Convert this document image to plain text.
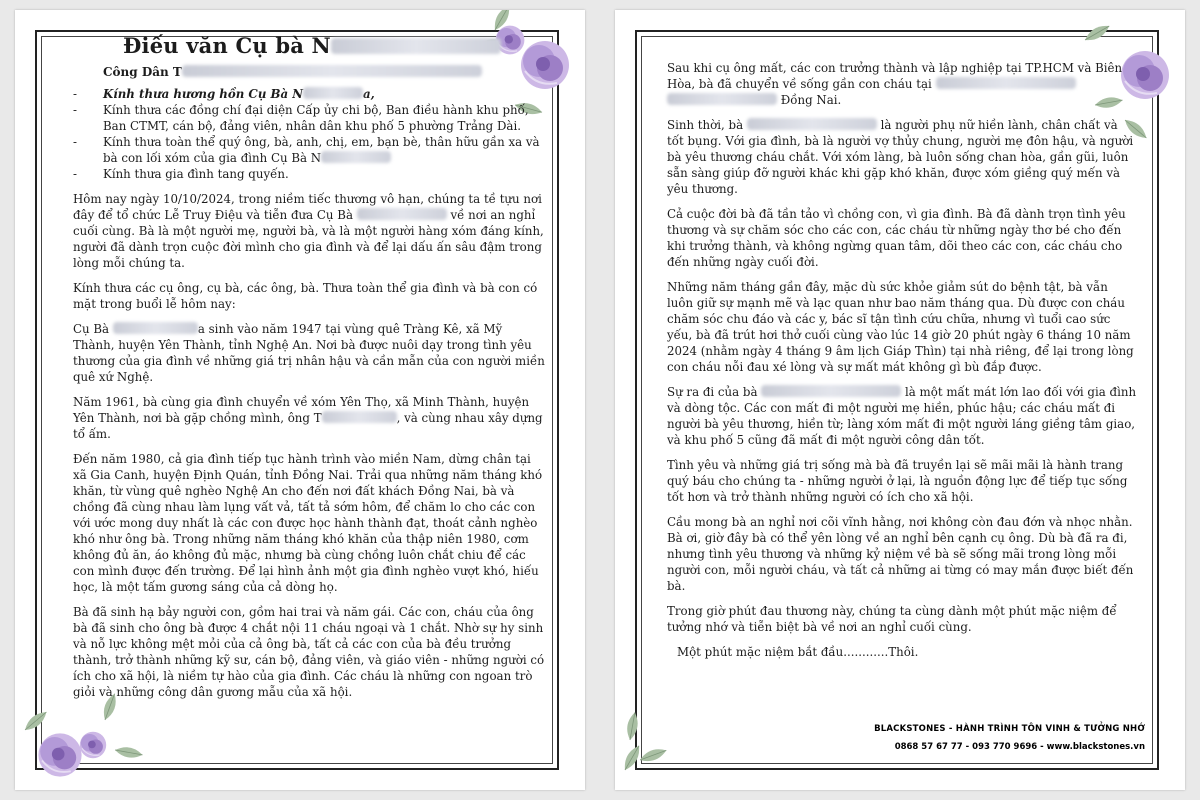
Điếu văn Cụ bà N
Công Dân T
-	Kính thưa hương hồn Cụ Bà N	a,
-	Kính thưa các đồng chí đại diện Cấp ủy chi bộ, Ban điều hành khu phố, Ban CTMT, cán bộ, đảng viên, nhân dân khu phố 5 phường Trảng Dài.
-	Kính thưa toàn thể quý ông, bà, anh, chị, em, bạn bè, thân hữu gần xa và bà con lối xóm của gia đình Cụ Bà N
-	Kính thưa gia đình tang quyến.

Hôm nay ngày 10/10/2024, trong niềm tiếc thương vô hạn, chúng ta tề tựu nơi đây để tổ chức Lễ Truy Điệu và tiễn đưa Cụ Bà	về nơi an nghỉ cuối cùng. Bà là một người mẹ, người bà, và là một người hàng xóm đáng kính, người đã dành trọn cuộc đời mình cho gia đình và để lại dấu ấn sâu đậm trong lòng mỗi chúng ta.

Kính thưa các cụ ông, cụ bà, các ông, bà. Thưa toàn thể gia đình và bà con có mặt trong buổi lễ hôm nay:

Cụ Bà	a sinh vào năm 1947 tại vùng quê Tràng Kê, xã Mỹ Thành, huyện Yên Thành, tỉnh Nghệ An. Nơi bà được nuôi dạy trong tình yêu thương của gia đình về những giá trị nhân hậu và cần mẫn của con người miền quê xứ Nghệ.

Năm 1961, bà cùng gia đình chuyển về xóm Yên Thọ, xã Minh Thành, huyện Yên Thành, nơi bà gặp chồng mình, ông T	, và cùng nhau xây dựng tổ ấm.

Đến năm 1980, cả gia đình tiếp tục hành trình vào miền Nam, dừng chân tại xã Gia Canh, huyện Định Quán, tỉnh Đồng Nai. Trải qua những năm tháng khó khăn, từ vùng quê nghèo Nghệ An cho đến nơi đất khách Đồng Nai, bà và chồng đã cùng nhau làm lụng vất vả, tất tả sớm hôm, để chăm lo cho các con với ước mong duy nhất là các con được học hành thành đạt, thoát cảnh nghèo khó như ông bà. Trong những năm tháng khó khăn của thập niên 1980, cơm không đủ ăn, áo không đủ mặc, nhưng bà cùng chồng luôn chắt chiu để các con mình được đến trường. Để lại hình ảnh một gia đình nghèo vượt khó, hiếu học, là một tấm gương sáng của cả dòng họ.

Bà đã sinh hạ bảy người con, gồm hai trai và năm gái. Các con, cháu của ông bà đã sinh cho ông bà được 4 chắt nội 11 cháu ngoại và 1 chắt. Nhờ sự hy sinh và nỗ lực không mệt mỏi của cả ông bà, tất cả các con của bà đều trưởng thành, trở thành những kỹ sư, cán bộ, đảng viên, và giáo viên - những người có ích cho xã hội, là niềm tự hào của gia đình. Các cháu là những con ngoan trò giỏi và những công dân gương mẫu của xã hội.

Sau khi cụ ông mất, các con trưởng thành và lập nghiệp tại TP.HCM và Biên Hòa, bà đã chuyển về sống gần con cháu tại   Đồng Nai.

Sinh thời, bà	là người phụ nữ hiền lành, chân chất và tốt bụng. Với gia đình, bà là người vợ thủy chung, người mẹ đôn hậu, và người bà yêu thương cháu chắt. Với xóm làng, bà luôn sống chan hòa, gần gũi, luôn sẵn sàng giúp đỡ người khác khi gặp khó khăn, được xóm giềng quý mến và yêu thương.

Cả cuộc đời bà đã tần tảo vì chồng con, vì gia đình. Bà đã dành trọn tình yêu thương và sự chăm sóc cho các con, các cháu từ những ngày thơ bé cho đến khi trưởng thành, và không ngừng quan tâm, dõi theo các con, các cháu cho đến những ngày cuối đời.

Những năm tháng gần đây, mặc dù sức khỏe giảm sút do bệnh tật, bà vẫn luôn giữ sự mạnh mẽ và lạc quan như bao năm tháng qua. Dù được con cháu chăm sóc chu đáo và các y, bác sĩ tận tình cứu chữa, nhưng vì tuổi cao sức yếu, bà đã trút hơi thở cuối cùng vào lúc 14 giờ 20 phút ngày 6 tháng 10 năm 2024 (nhằm ngày 4 tháng 9 âm lịch Giáp Thìn) tại nhà riêng, để lại trong lòng con cháu nỗi đau xé lòng và sự mất mát không gì bù đắp được.

Sự ra đi của bà	là một mất mát lớn lao đối với gia đình và dòng tộc. Các con mất đi một người mẹ hiền, phúc hậu; các cháu mất đi người bà yêu thương, hiền từ; làng xóm mất đi một người láng giềng tâm giao, và khu phố 5 cũng đã mất đi một người công dân tốt.

Tình yêu và những giá trị sống mà bà đã truyền lại sẽ mãi mãi là hành trang quý báu cho chúng ta - những người ở lại, là nguồn động lực để tiếp tục sống tốt hơn và trở thành những người có ích cho xã hội.

Cầu mong bà an nghỉ nơi cõi vĩnh hằng, nơi không còn đau đớn và nhọc nhằn. Bà ơi, giờ đây bà có thể yên lòng về an nghỉ bên cạnh cụ ông. Dù bà đã ra đi, nhưng tình yêu thương và những kỷ niệm về bà sẽ sống mãi trong lòng mỗi người con, mỗi người cháu, và tất cả những ai từng có may mắn được biết đến bà.

Trong giờ phút đau thương này, chúng ta cùng dành một phút mặc niệm để tưởng nhớ và tiễn biệt bà về nơi an nghỉ cuối cùng.

Một phút mặc niệm bắt đầu............Thôi.

BLACKSTONES - HÀNH TRÌNH TÔN VINH & TƯỞNG NHỚ
0868 57 67 77 - 093 770 9696 - www.blackstones.vn
